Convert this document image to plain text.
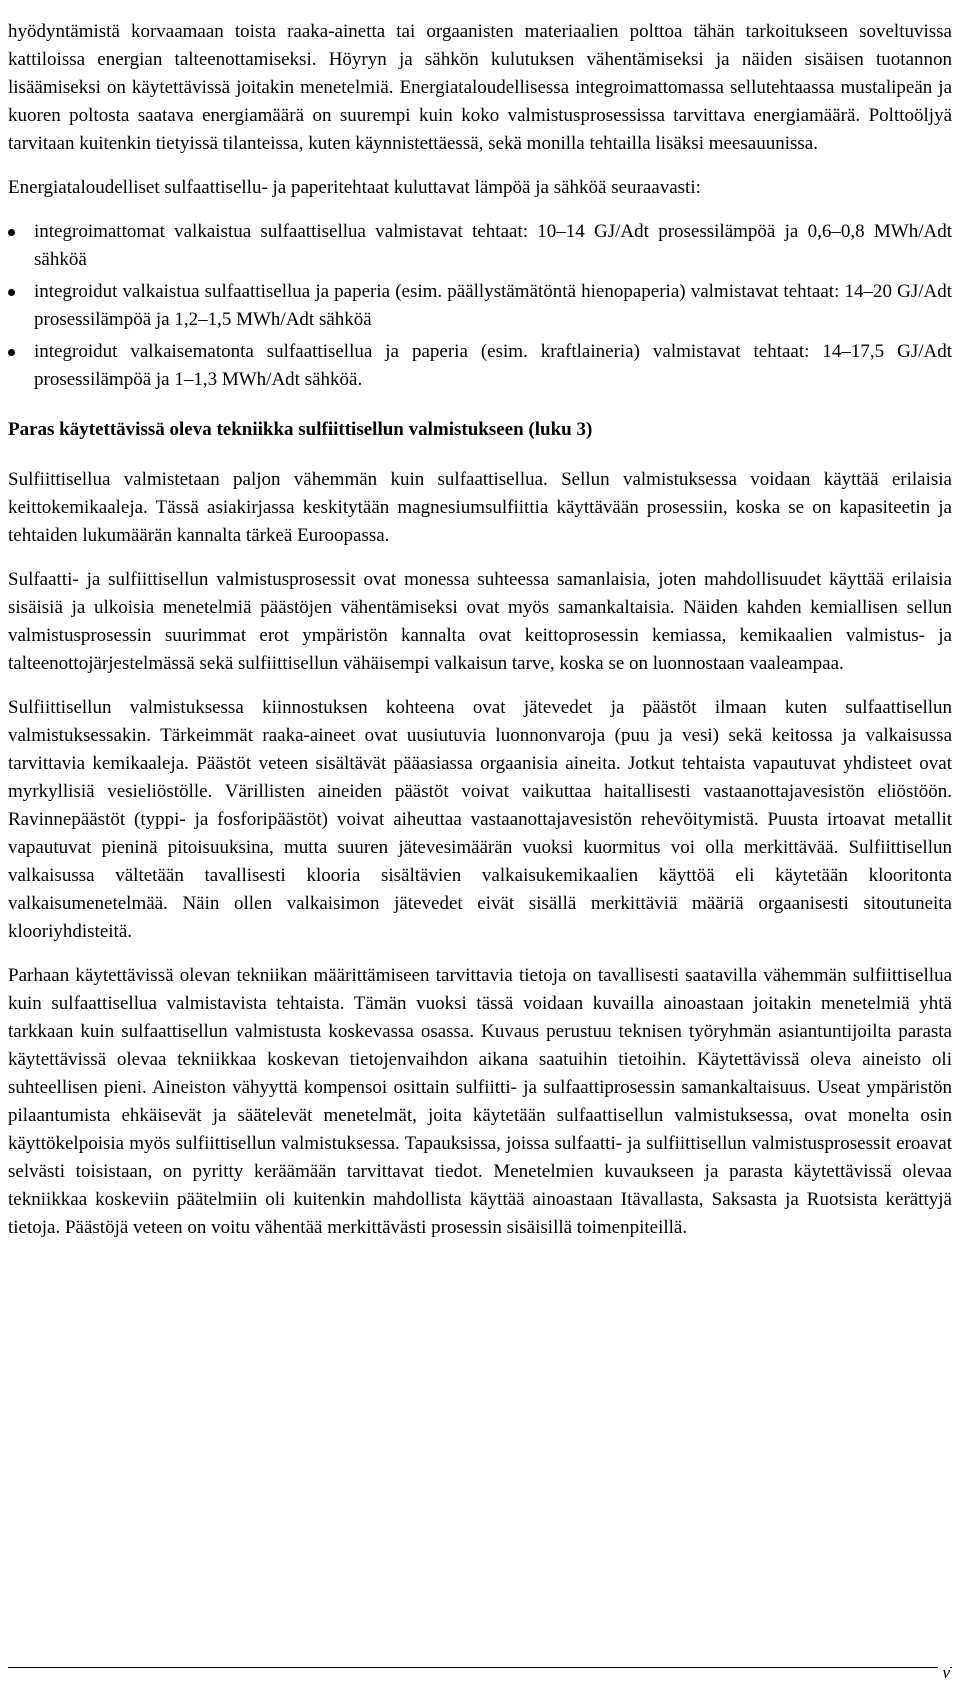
hyödyntämistä korvaamaan toista raaka-ainetta tai orgaanisten materiaalien polttoa tähän tarkoitukseen soveltuvissa kattiloissa energian talteenottamiseksi. Höyryn ja sähkön kulutuksen vähentämiseksi ja näiden sisäisen tuotannon lisäämiseksi on käytettävissä joitakin menetelmiä. Energiataloudellisessa integroimattomassa sellutehtaassa mustalipeän ja kuoren poltosta saatava energiamäärä on suurempi kuin koko valmistusprosessissa tarvittava energiamäärä. Polttoöljyä tarvitaan kuitenkin tietyissä tilanteissa, kuten käynnistettäessä, sekä monilla tehtailla lisäksi meesauunissa.

Energiataloudelliset sulfaattisellu- ja paperitehtaat kuluttavat lämpöä ja sähköä seuraavasti:

integroimattomat valkaistua sulfaattisellua valmistavat tehtaat: 10–14 GJ/Adt prosessilämpöä ja 0,6–0,8 MWh/Adt sähköä
integroidut valkaistua sulfaattisellua ja paperia (esim. päällystämätöntä hienopaperia) valmistavat tehtaat: 14–20 GJ/Adt prosessilämpöä ja 1,2–1,5 MWh/Adt sähköä
integroidut valkaisematonta sulfaattisellua ja paperia (esim. kraftlaineria) valmistavat tehtaat: 14–17,5 GJ/Adt prosessilämpöä ja 1–1,3 MWh/Adt sähköä.

Paras käytettävissä oleva tekniikka sulfiittisellun valmistukseen (luku 3)

Sulfiittisellua valmistetaan paljon vähemmän kuin sulfaattisellua. Sellun valmistuksessa voidaan käyttää erilaisia keittokemikaaleja. Tässä asiakirjassa keskitytään magnesiumsulfiittia käyttävään prosessiin, koska se on kapasiteetin ja tehtaiden lukumäärän kannalta tärkeä Euroopassa.

Sulfaatti- ja sulfiittisellun valmistusprosessit ovat monessa suhteessa samanlaisia, joten mahdollisuudet käyttää erilaisia sisäisiä ja ulkoisia menetelmiä päästöjen vähentämiseksi ovat myös samankaltaisia. Näiden kahden kemiallisen sellun valmistusprosessin suurimmat erot ympäristön kannalta ovat keittoprosessin kemiassa, kemikaalien valmistus- ja talteenottojärjestelmässä sekä sulfiittisellun vähäisempi valkaisun tarve, koska se on luonnostaan vaaleampaa.

Sulfiittisellun valmistuksessa kiinnostuksen kohteena ovat jätevedet ja päästöt ilmaan kuten sulfaattisellun valmistuksessakin. Tärkeimmät raaka-aineet ovat uusiutuvia luonnonvaroja (puu ja vesi) sekä keitossa ja valkaisussa tarvittavia kemikaaleja. Päästöt veteen sisältävät pääasiassa orgaanisia aineita. Jotkut tehtaista vapautuvat yhdisteet ovat myrkyllisiä vesieliöstölle. Värillisten aineiden päästöt voivat vaikuttaa haitallisesti vastaanottajavesistön eliöstöön. Ravinnepäästöt (typpi- ja fosforipäästöt) voivat aiheuttaa vastaanottajavesistön rehevöitymistä. Puusta irtoavat metallit vapautuvat pieninä pitoisuuksina, mutta suuren jätevesimäärän vuoksi kuormitus voi olla merkittävää. Sulfiittisellun valkaisussa vältetään tavallisesti klooria sisältävien valkaisukemikaalien käyttöä eli käytetään klooritonta valkaisumenetelmää. Näin ollen valkaisimon jätevedet eivät sisällä merkittäviä määriä orgaanisesti sitoutuneita klooriyhdisteitä.

Parhaan käytettävissä olevan tekniikan määrittämiseen tarvittavia tietoja on tavallisesti saatavilla vähemmän sulfiittisellua kuin sulfaattisellua valmistavista tehtaista. Tämän vuoksi tässä voidaan kuvailla ainoastaan joitakin menetelmiä yhtä tarkkaan kuin sulfaattisellun valmistusta koskevassa osassa. Kuvaus perustuu teknisen työryhmän asiantuntijoilta parasta käytettävissä olevaa tekniikkaa koskevan tietojenvaihdon aikana saatuihin tietoihin. Käytettävissä oleva aineisto oli suhteellisen pieni. Aineiston vähyyttä kompensoi osittain sulfiitti- ja sulfaattiprosessin samankaltaisuus. Useat ympäristön pilaantumista ehkäisevät ja säätelevät menetelmät, joita käytetään sulfaattisellun valmistuksessa, ovat monelta osin käyttökelpoisia myös sulfiittisellun valmistuksessa. Tapauksissa, joissa sulfaatti- ja sulfiittisellun valmistusprosessit eroavat selvästi toisistaan, on pyritty keräämään tarvittavat tiedot. Menetelmien kuvaukseen ja parasta käytettävissä olevaa tekniikkaa koskeviin päätelmiin oli kuitenkin mahdollista käyttää ainoastaan Itävallasta, Saksasta ja Ruotsista kerättyjä tietoja. Päästöjä veteen on voitu vähentää merkittävästi prosessin sisäisillä toimenpiteillä.

v
